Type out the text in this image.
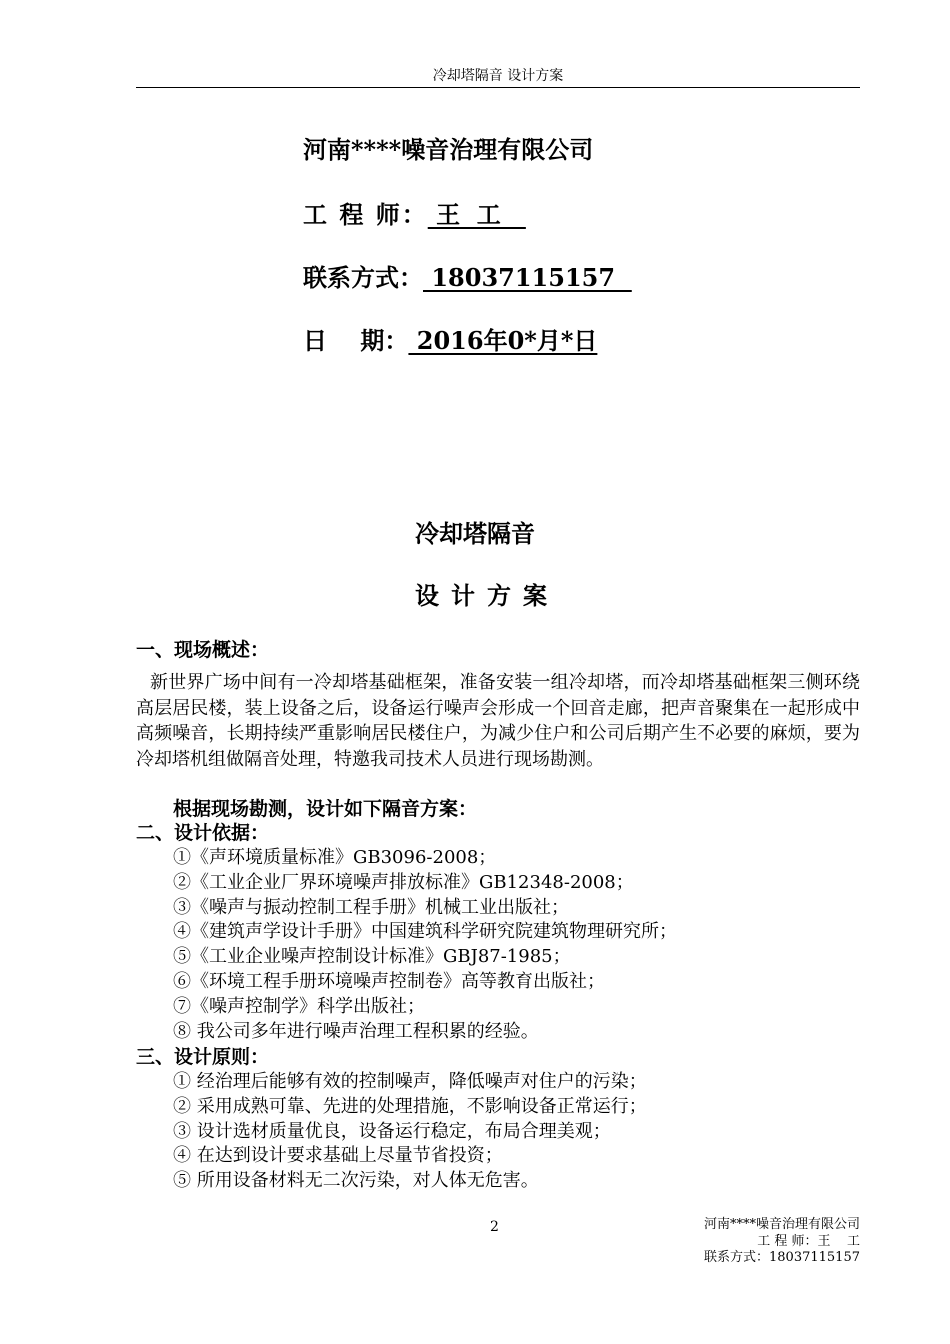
冷却塔隔音 设计方案
河南****噪音治理有限公司
工 程 师： 王  工
联系方式： 18037115157
日    期： 2016年0*月*日
冷却塔隔音
设计方案
一、现场概述：
新世界广场中间有一冷却塔基础框架，准备安装一组冷却塔，而冷却塔基础框架三侧环绕高层居民楼，装上设备之后，设备运行噪声会形成一个回音走廊，把声音聚集在一起形成中高频噪音，长期持续严重影响居民楼住户，为减少住户和公司后期产生不必要的麻烦，要为冷却塔机组做隔音处理，特邀我司技术人员进行现场勘测。
根据现场勘测，设计如下隔音方案：
二、设计依据：
①《声环境质量标准》GB3096-2008；
②《工业企业厂界环境噪声排放标准》GB12348-2008；
③《噪声与振动控制工程手册》机械工业出版社；
④《建筑声学设计手册》中国建筑科学研究院建筑物理研究所；
⑤《工业企业噪声控制设计标准》GBJ87-1985；
⑥《环境工程手册环境噪声控制卷》高等教育出版社；
⑦《噪声控制学》科学出版社；
⑧ 我公司多年进行噪声治理工程积累的经验。
三、设计原则：
① 经治理后能够有效的控制噪声，降低噪声对住户的污染；
② 采用成熟可靠、先进的处理措施，不影响设备正常运行；
③ 设计选材质量优良，设备运行稳定，布局合理美观；
④ 在达到设计要求基础上尽量节省投资；
⑤ 所用设备材料无二次污染，对人体无危害。
2	河南****噪音治理有限公司
工 程 师：王    工
联系方式：18037115157
